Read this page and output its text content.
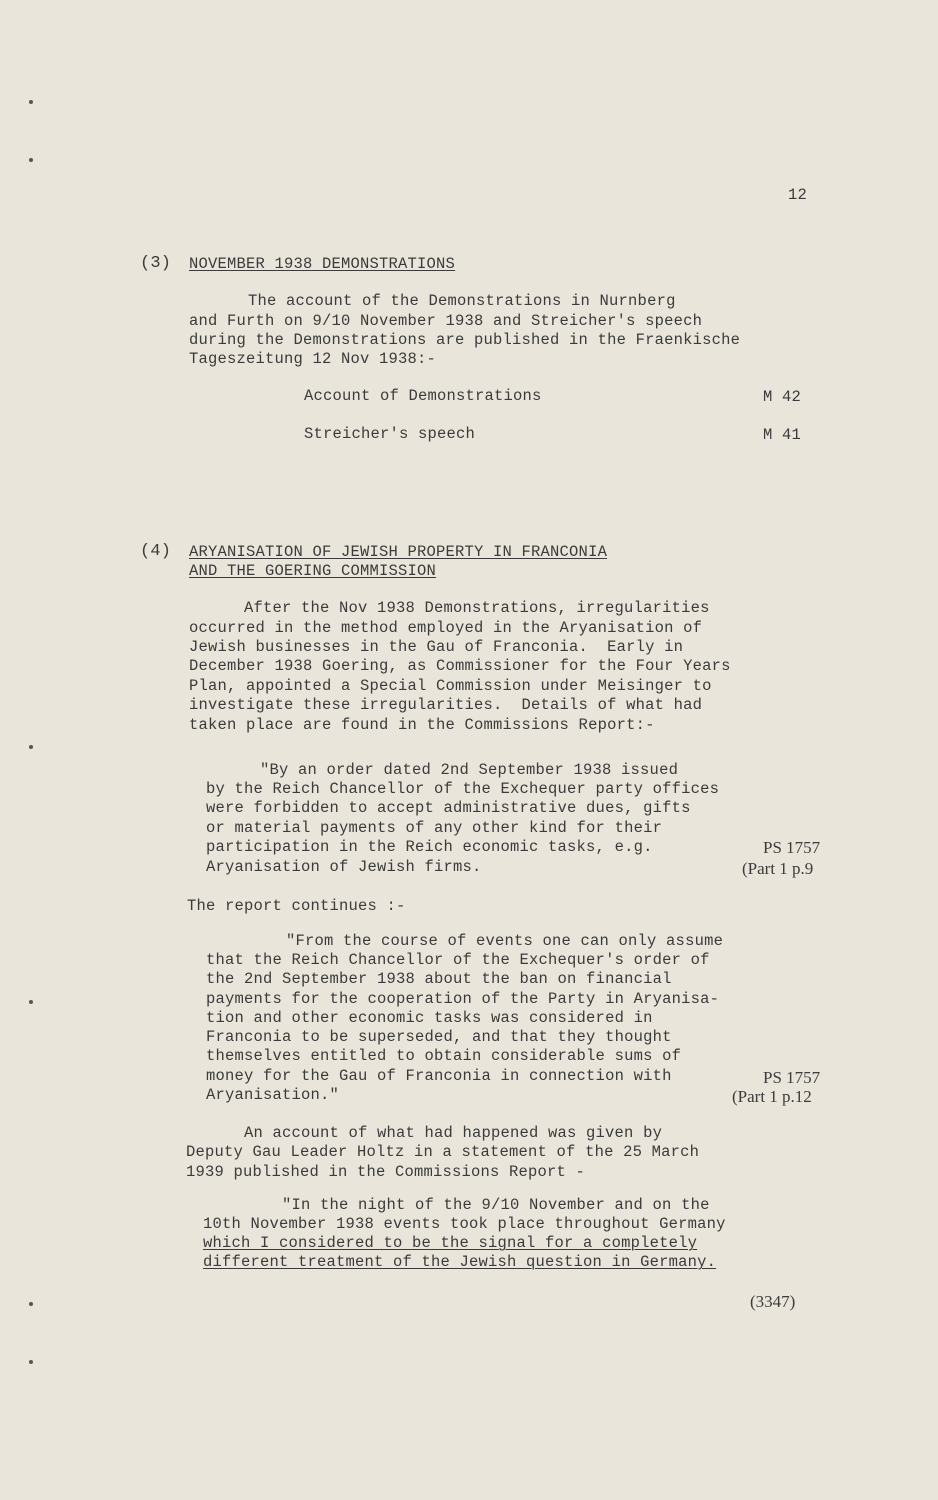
12
(3) NOVEMBER 1938 DEMONSTRATIONS
The account of the Demonstrations in Nurnberg
and Furth on 9/10 November 1938 and Streicher's speech
during the Demonstrations are published in the Fraenkische
Tageszeitung 12 Nov 1938:-
Account of Demonstrations	M 42
Streicher's speech	M 41
(4) ARYANISATION OF JEWISH PROPERTY IN FRANCONIA
AND THE GOERING COMMISSION
After the Nov 1938 Demonstrations, irregularities
occurred in the method employed in the Aryanisation of
Jewish businesses in the Gau of Franconia.  Early in
December 1938 Goering, as Commissioner for the Four Years
Plan, appointed a Special Commission under Meisinger to
investigate these irregularities.  Details of what had
taken place are found in the Commissions Report:-
"By an order dated 2nd September 1938 issued
by the Reich Chancellor of the Exchequer party offices
were forbidden to accept administrative dues, gifts
or material payments of any other kind for their
participation in the Reich economic tasks, e.g.
Aryanisation of Jewish firms.
PS 1757
(Part 1 p.9
The report continues :-
"From the course of events one can only assume
that the Reich Chancellor of the Exchequer's order of
the 2nd September 1938 about the ban on financial
payments for the cooperation of the Party in Aryanisa-
tion and other economic tasks was considered in
Franconia to be superseded, and that they thought
themselves entitled to obtain considerable sums of
money for the Gau of Franconia in connection with
Aryanisation."
PS 1757
(Part 1 p.12
An account of what had happened was given by
Deputy Gau Leader Holtz in a statement of the 25 March
1939 published in the Commissions Report -
"In the night of the 9/10 November and on the
10th November 1938 events took place throughout Germany
which I considered to be the signal for a completely
different treatment of the Jewish question in Germany.
(3347)
